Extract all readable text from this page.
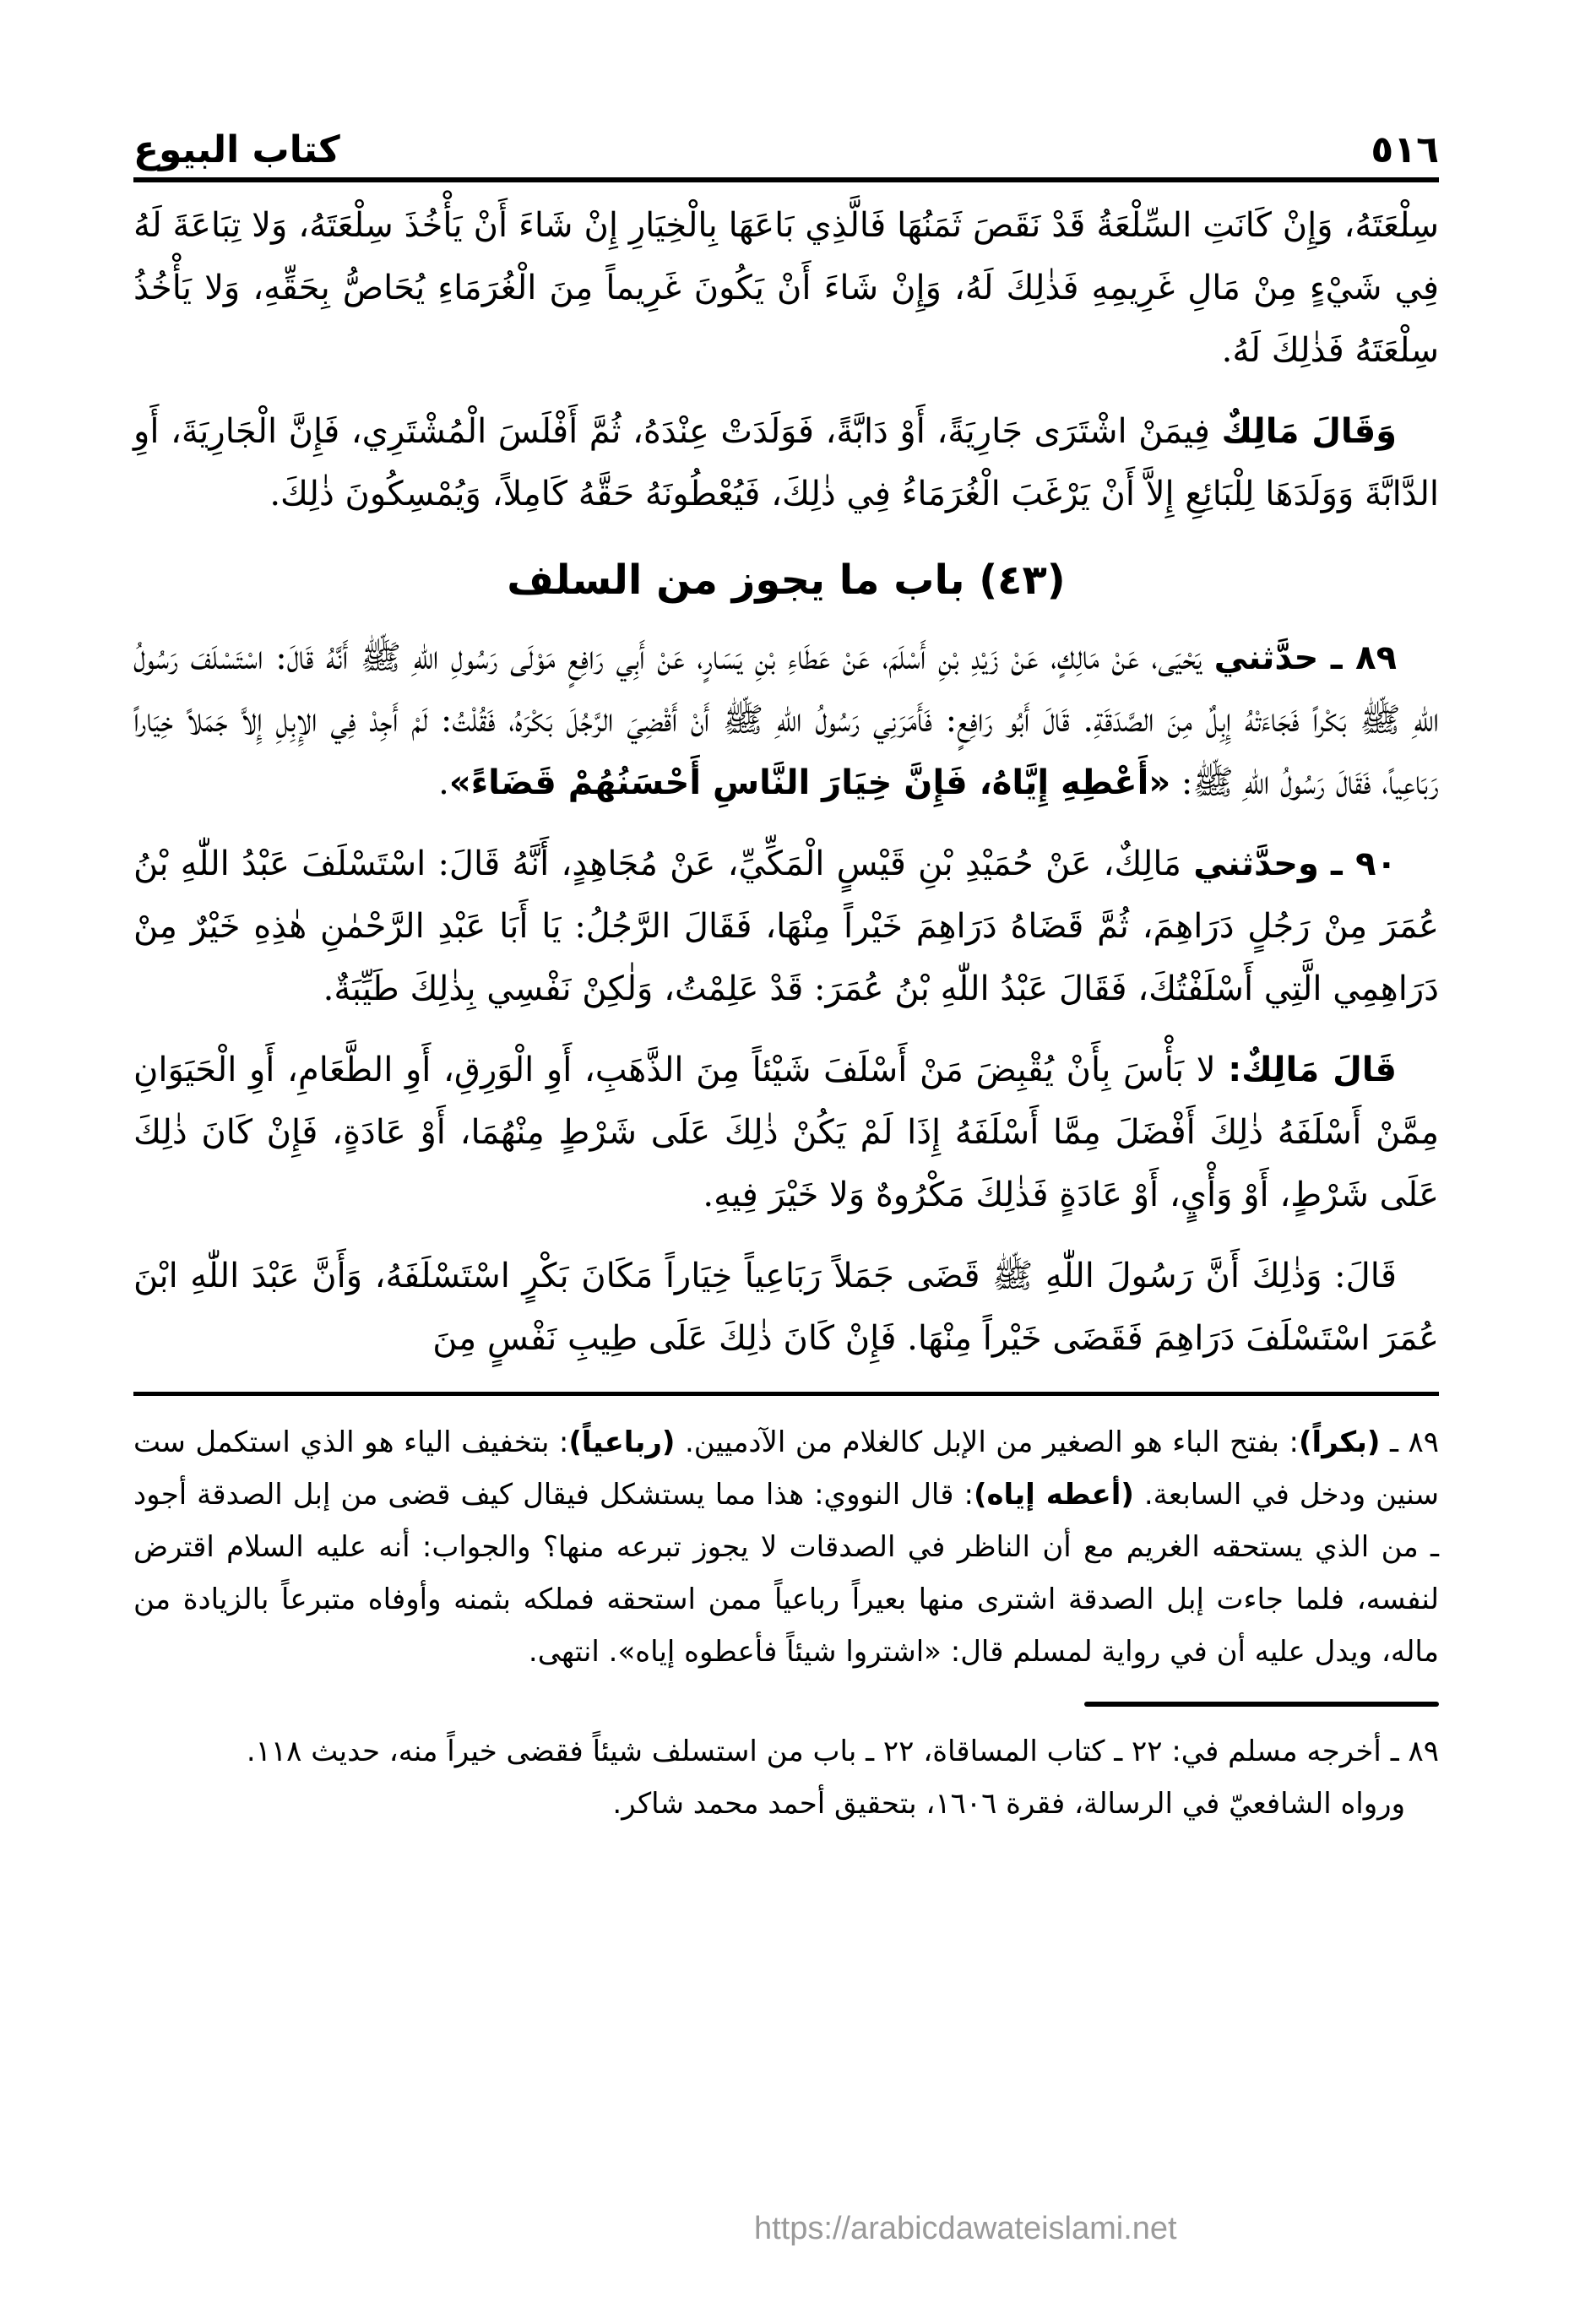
٥١٦
كتاب البيوع

سِلْعَتَهُ، وَإِنْ كَانَتِ السِّلْعَةُ قَدْ نَقَصَ ثَمَنُهَا فَالَّذِي بَاعَهَا بِالْخِيَارِ إِنْ شَاءَ أَنْ يَأْخُذَ سِلْعَتَهُ، وَلا تِبَاعَةَ لَهُ فِي شَيْءٍ مِنْ مَالِ غَرِيمِهِ فَذٰلِكَ لَهُ، وَإِنْ شَاءَ أَنْ يَكُونَ غَرِيماً مِنَ الْغُرَمَاءِ يُحَاصُّ بِحَقِّهِ، وَلا يَأْخُذُ سِلْعَتَهُ فَذٰلِكَ لَهُ.

وَقَالَ مَالِكٌ فِيمَنْ اشْتَرَى جَارِيَةً، أَوْ دَابَّةً، فَوَلَدَتْ عِنْدَهُ، ثُمَّ أَفْلَسَ الْمُشْتَرِي، فَإِنَّ الْجَارِيَةَ، أَوِ الدَّابَّةَ وَوَلَدَهَا لِلْبَائِعِ إِلاَّ أَنْ يَرْغَبَ الْغُرَمَاءُ فِي ذٰلِكَ، فَيُعْطُونَهُ حَقَّهُ كَامِلاً، وَيُمْسِكُونَ ذٰلِكَ.

(٤٣) باب ما يجوز من السلف

٨٩ ـ حدَّثني يَحْيَى، عَنْ مَالِكٍ، عَنْ زَيْدِ بْنِ أَسْلَمَ، عَنْ عَطَاءِ بْنِ يَسَارٍ، عَنْ أَبِي رَافِعٍ مَوْلَى رَسُولِ اللّٰهِ ﷺ أَنَّهُ قَالَ: اسْتَسْلَفَ رَسُولُ اللّٰهِ ﷺ بَكْراً فَجَاءَتْهُ إِبِلٌ مِنَ الصَّدَقَةِ. قَالَ أَبُو رَافِعٍ: فَأَمَرَنِي رَسُولُ اللّٰهِ ﷺ أَنْ أَقْضِيَ الرَّجُلَ بَكْرَهُ، فَقُلْتُ: لَمْ أَجِدْ فِي الإِبِلِ إِلاَّ جَمَلاً خِيَاراً رَبَاعِياً، فَقَالَ رَسُولُ اللّٰهِ ﷺ: «أَعْطِهِ إِيَّاهُ، فَإِنَّ خِيَارَ النَّاسِ أَحْسَنُهُمْ قَضَاءً».

٩٠ ـ وحدَّثني مَالِكٌ، عَنْ حُمَيْدِ بْنِ قَيْسٍ الْمَكِّيِّ، عَنْ مُجَاهِدٍ، أَنَّهُ قَالَ: اسْتَسْلَفَ عَبْدُ اللّٰهِ بْنُ عُمَرَ مِنْ رَجُلٍ دَرَاهِمَ، ثُمَّ قَضَاهُ دَرَاهِمَ خَيْراً مِنْهَا، فَقَالَ الرَّجُلُ: يَا أَبَا عَبْدِ الرَّحْمٰنِ هٰذِهِ خَيْرٌ مِنْ دَرَاهِمِي الَّتِي أَسْلَفْتُكَ، فَقَالَ عَبْدُ اللّٰهِ بْنُ عُمَرَ: قَدْ عَلِمْتُ، وَلٰكِنْ نَفْسِي بِذٰلِكَ طَيِّبَةٌ.

قَالَ مَالِكٌ: لا بَأْسَ بِأَنْ يُقْبِضَ مَنْ أَسْلَفَ شَيْئاً مِنَ الذَّهَبِ، أَوِ الْوَرِقِ، أَوِ الطَّعَامِ، أَوِ الْحَيَوَانِ مِمَّنْ أَسْلَفَهُ ذٰلِكَ أَفْضَلَ مِمَّا أَسْلَفَهُ إِذَا لَمْ يَكُنْ ذٰلِكَ عَلَى شَرْطٍ مِنْهُمَا، أَوْ عَادَةٍ، فَإِنْ كَانَ ذٰلِكَ عَلَى شَرْطٍ، أَوْ وَأْيٍ، أَوْ عَادَةٍ فَذٰلِكَ مَكْرُوهٌ وَلا خَيْرَ فِيهِ.

قَالَ: وَذٰلِكَ أَنَّ رَسُولَ اللّٰهِ ﷺ قَضَى جَمَلاً رَبَاعِياً خِيَاراً مَكَانَ بَكْرٍ اسْتَسْلَفَهُ، وَأَنَّ عَبْدَ اللّٰهِ ابْنَ عُمَرَ اسْتَسْلَفَ دَرَاهِمَ فَقَضَى خَيْراً مِنْهَا. فَإِنْ كَانَ ذٰلِكَ عَلَى طِيبِ نَفْسٍ مِنَ

٨٩ ـ (بكراً): بفتح الباء هو الصغير من الإبل كالغلام من الآدميين. (رباعياً): بتخفيف الياء هو الذي استكمل ست سنين ودخل في السابعة. (أعطه إياه): قال النووي: هذا مما يستشكل فيقال كيف قضى من إبل الصدقة أجود ـ من الذي يستحقه الغريم مع أن الناظر في الصدقات لا يجوز تبرعه منها؟ والجواب: أنه عليه السلام اقترض لنفسه، فلما جاءت إبل الصدقة اشترى منها بعيراً رباعياً ممن استحقه فملكه بثمنه وأوفاه متبرعاً بالزيادة من ماله، ويدل عليه أن في رواية لمسلم قال: «اشتروا شيئاً فأعطوه إياه». انتهى.
٨٩ ـ أخرجه مسلم في: ٢٢ ـ كتاب المساقاة، ٢٢ ـ باب من استسلف شيئاً فقضى خيراً منه، حديث ١١٨.
ورواه الشافعيّ في الرسالة، فقرة ١٦٠٦، بتحقيق أحمد محمد شاكر.
https://arabicdawateislami.net
